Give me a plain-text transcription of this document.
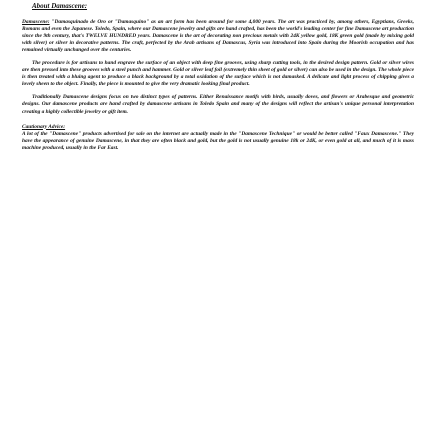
About Damascene:

Damascene: "Damasquinado de Oro or "Damasquino" as an art form has been around for some 4,000 years. The art was practiced by, among others, Egyptians, Greeks, Romans and even the Japanese. Toledo, Spain, where our Damascene jewelry and gifts are hand crafted, has been the world's leading center for fine Damascene art production since the 9th century, that's TWELVE HUNDRED years. Damascene is the art of decorating non precious metals with 24K yellow gold, 18K green gold (made by mixing gold with silver) or silver in decorative patterns. The craft, perfected by the Arab artisans of Damascus, Syria was introduced into Spain during the Moorish occupation and has remained virtually unchanged over the centuries.

The procedure is for artisans to hand engrave the surface of an object with deep fine grooves, using sharp cutting tools, in the desired design pattern. Gold or silver wires are then pressed into these grooves with a steel punch and hammer. Gold or silver leaf foil (extremely thin sheet of gold or silver) can also be used in the design. The whole piece is then treated with a bluing agent to produce a black background by a total oxidation of the surface which is not damasked. A delicate and light process of chipping gives a lovely sheen to the object. Finally, the piece is mounted to give the very dramatic looking final product.

Traditionally Damascene designs focus on two distinct types of patterns. Either Renaissance motifs with birds, usually doves, and flowers or Arabesque and geometric designs. Our damascene products are hand crafted by damascene artisans in Toledo Spain and many of the designs will reflect the artisan's unique personal interpretation creating a highly collectible jewelry or gift item.

Cautionary Advice:

A lot of the "Damascene" products advertised for sale on the internet are actually made in the "Damascene Technique" or would be better called "Faux Damascene." They have the appearance of genuine Damascene, in that they are often black and gold, but the gold is not usually genuine 18k or 24K, or even gold at all, and much of it is mass machine produced, usually in the Far East.
